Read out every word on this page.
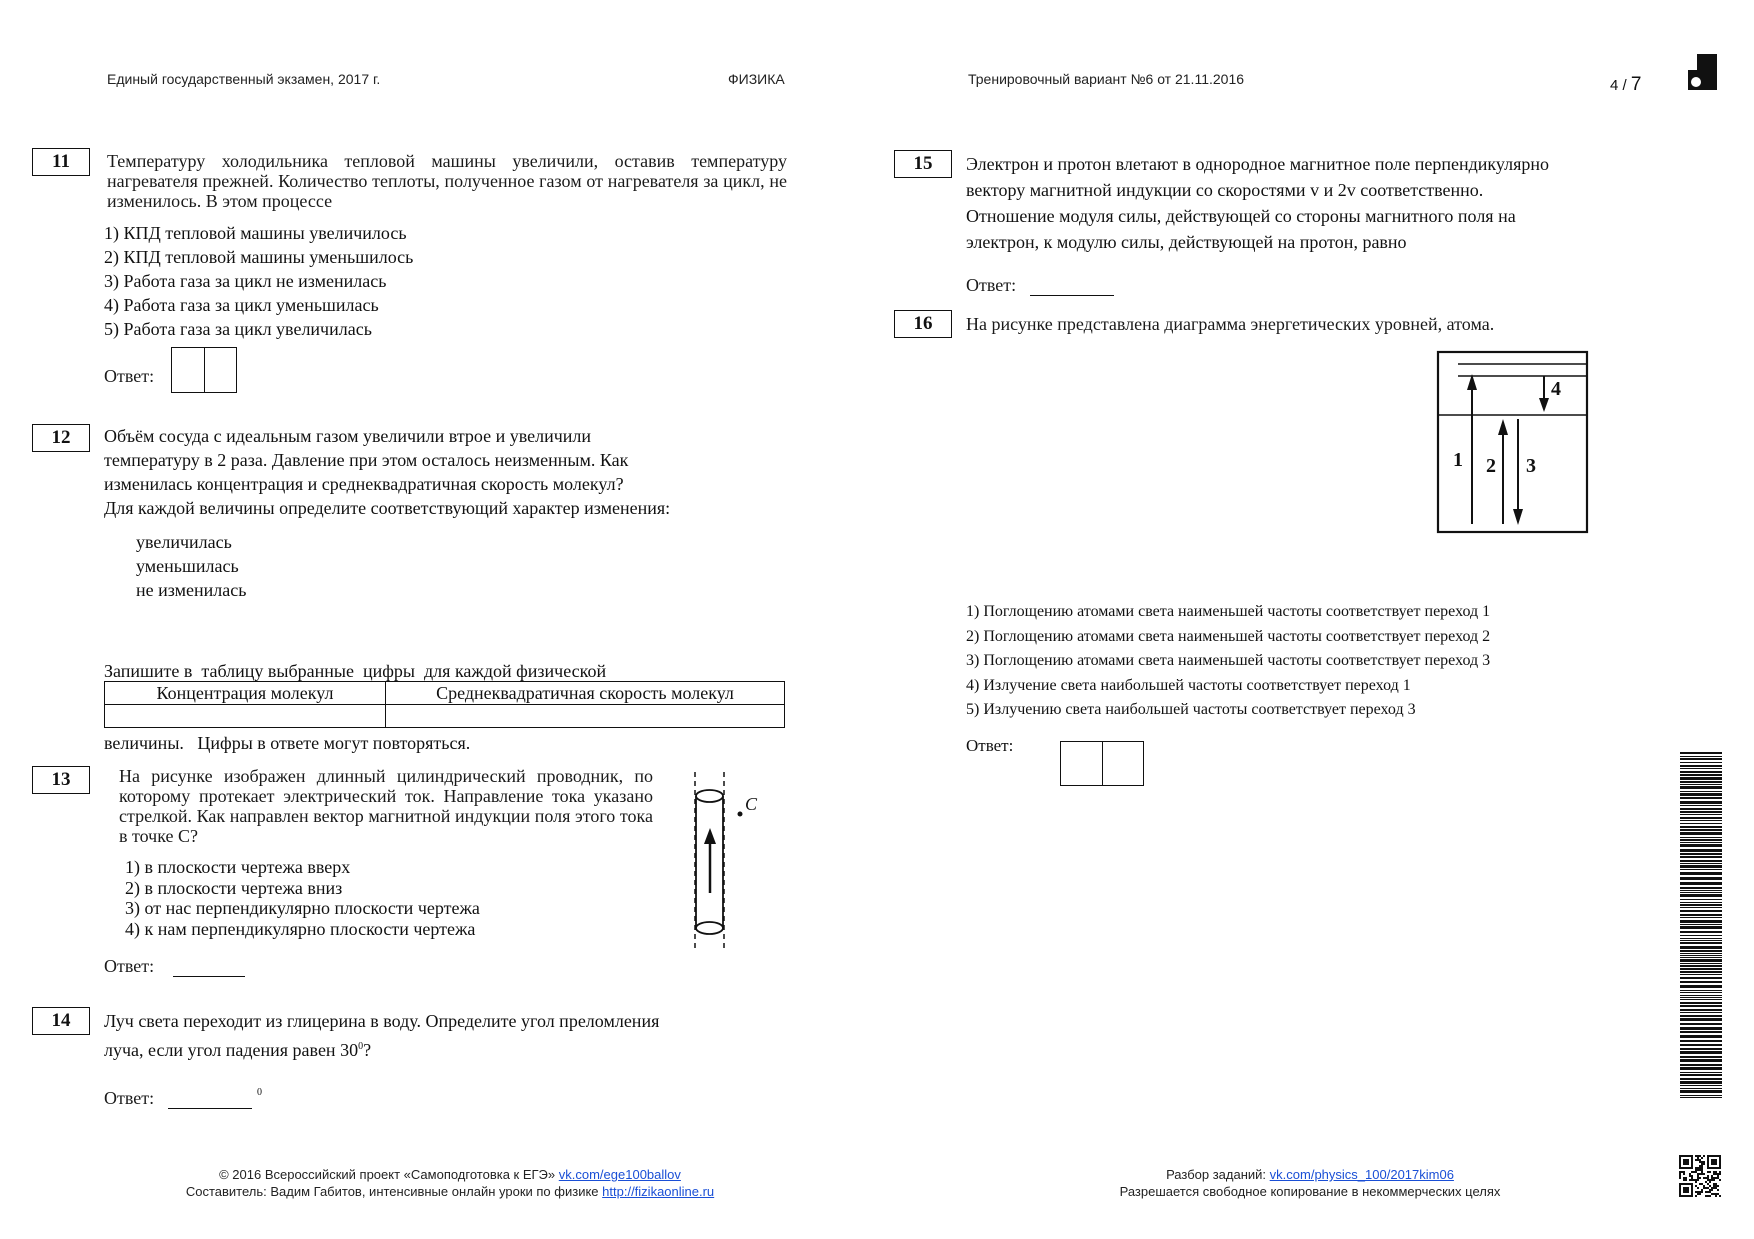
Единый государственный экзамен, 2017 г.	ФИЗИКА	Тренировочный вариант №6 от 21.11.2016	4 / 7
11	Температуру холодильника тепловой машины увеличили, оставив температуру нагревателя прежней. Количество теплоты, полученное газом от нагревателя за цикл, не изменилось. В этом процессе

1) КПД тепловой машины увеличилось

2) КПД тепловой машины уменьшилось

3) Работа газа за цикл не изменилась

4) Работа газа за цикл уменьшилась

5) Работа газа за цикл увеличилась

Ответ:
12	Объём сосуда с идеальным газом увеличили втрое и увеличили
температуру в 2 раза. Давление при этом осталось неизменным. Как
изменилась концентрация и среднеквадратичная скорость молекул?
Для каждой величины определите соответствующий характер изменения:
увеличилась
уменьшилась
не изменилась

Запишите в  таблицу выбранные  цифры  для каждой физической

величины.   Цифры в ответе могут повторяться.

Концентрация молекул	Среднеквадратичная скорость молекул

13	На рисунке изображен длинный цилиндрический проводник, по которому протекает электрический ток. Направление тока указано стрелкой. Как направлен вектор магнитной индукции поля этого тока в точке С?

1) в плоскости чертежа вверх

2) в плоскости чертежа вниз

3) от нас перпендикулярно плоскости чертежа

4) к нам перпендикулярно плоскости чертежа

C
Ответ:
14	Луч света переходит из глицерина в воду. Определите угол преломления
луча, если угол падения равен $30^0$?
Ответ:	0
15	Электрон и протон влетают в однородное магнитное поле перпендикулярно
вектору магнитной индукции со скоростями v и 2v соответственно.
Отношение модуля силы, действующей со стороны магнитного поля на
электрон, к модулю силы, действующей на протон, равно
Ответ:
16	На рисунке представлена диаграмма энергетических уровней, атома.
1 2 3
4
1) Поглощению атомами света наименьшей частоты соответствует переход 1
2) Поглощению атомами света наименьшей частоты соответствует переход 2
3) Поглощению атомами света наименьшей частоты соответствует переход 3
4) Излучение света наибольшей частоты соответствует переход 1
5) Излучению света наибольшей частоты соответствует переход 3
Ответ:
© 2016 Всероссийский проект «Самоподготовка к ЕГЭ» vk.com/ege100ballov
Составитель: Вадим Габитов, интенсивные онлайн уроки по физике http://fizikaonline.ru
Разбор заданий: vk.com/physics_100/2017kim06
Разрешается свободное копирование в некоммерческих целях
